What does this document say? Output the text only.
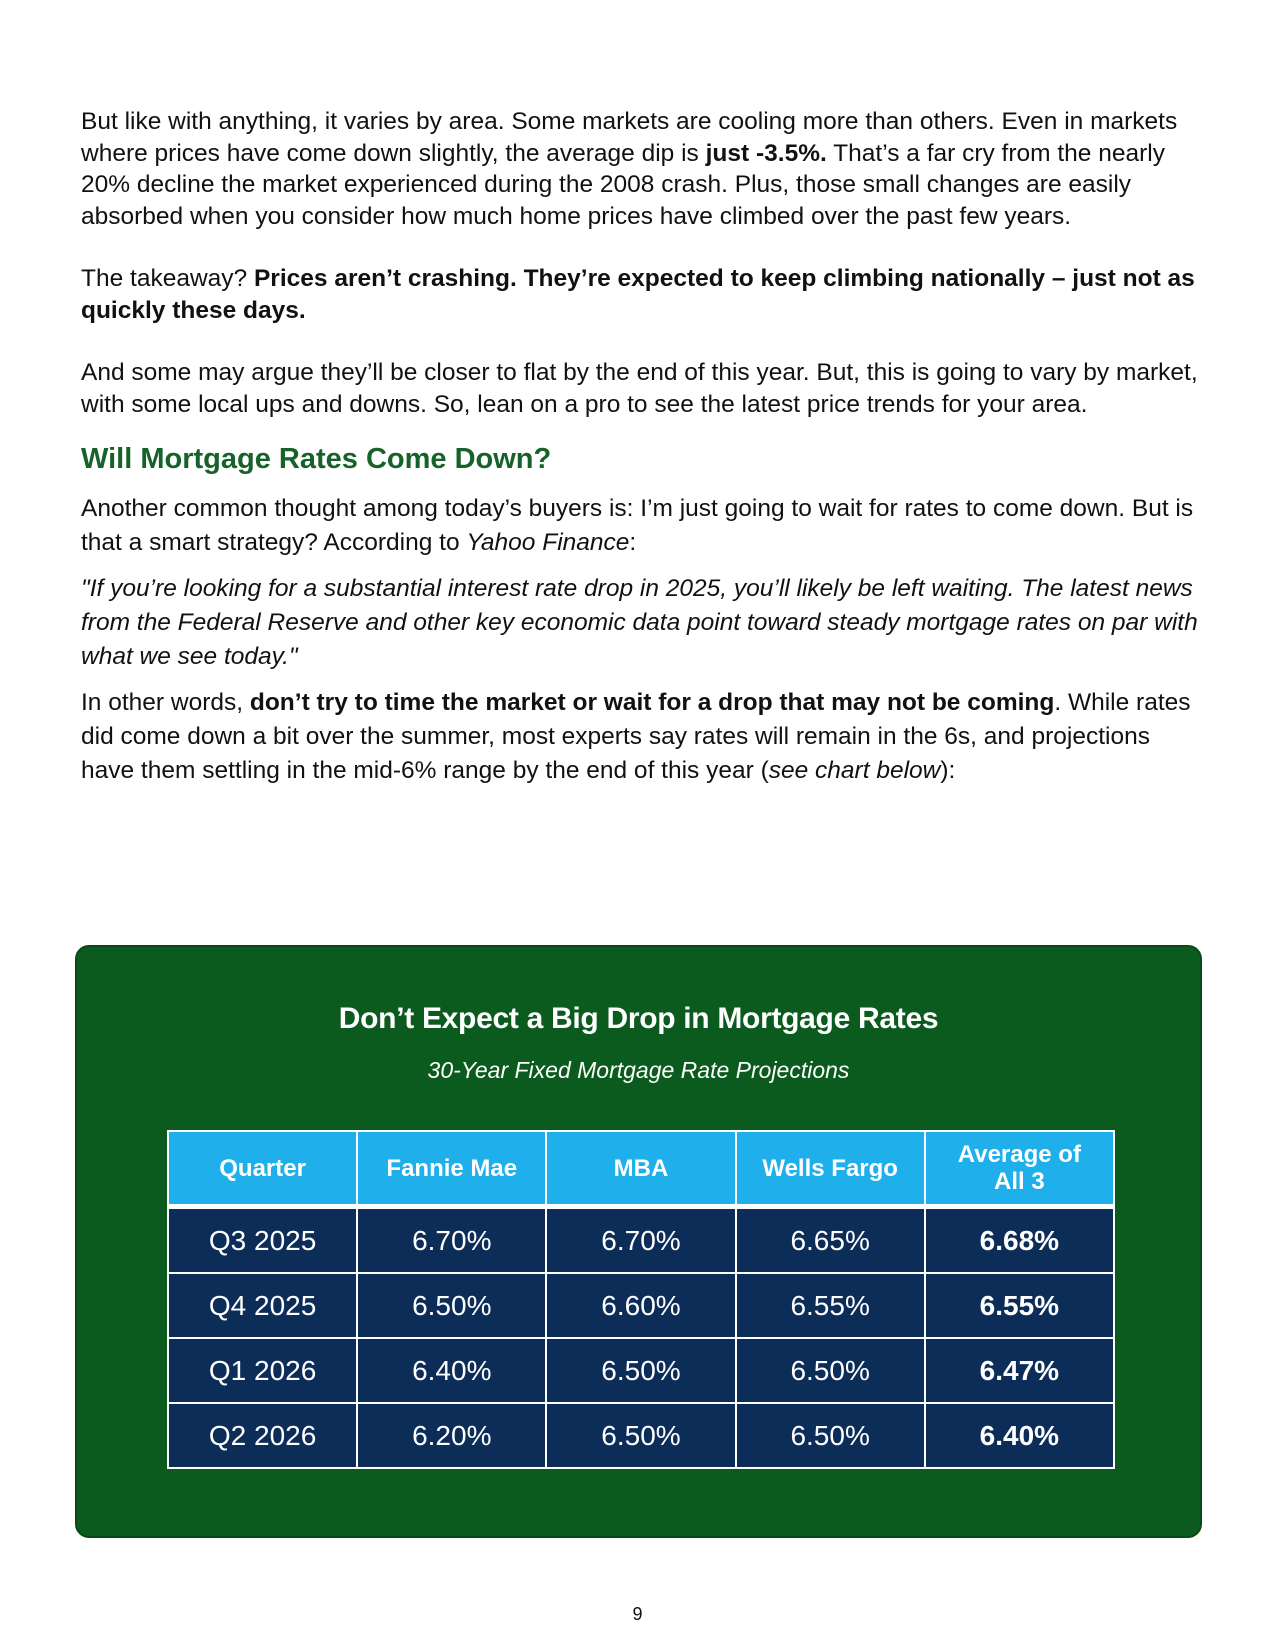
But like with anything, it varies by area. Some markets are cooling more than others. Even in markets where prices have come down slightly, the average dip is just -3.5%. That’s a far cry from the nearly 20% decline the market experienced during the 2008 crash. Plus, those small changes are easily absorbed when you consider how much home prices have climbed over the past few years.

The takeaway? Prices aren’t crashing. They’re expected to keep climbing nationally – just not as quickly these days.

And some may argue they’ll be closer to flat by the end of this year. But, this is going to vary by market, with some local ups and downs. So, lean on a pro to see the latest price trends for your area.

Will Mortgage Rates Come Down?

Another common thought among today’s buyers is: I’m just going to wait for rates to come down. But is that a smart strategy? According to Yahoo Finance:

"If you’re looking for a substantial interest rate drop in 2025, you’ll likely be left waiting. The latest news from the Federal Reserve and other key economic data point toward steady mortgage rates on par with what we see today."

In other words, don’t try to time the market or wait for a drop that may not be coming. While rates did come down a bit over the summer, most experts say rates will remain in the 6s, and projections have them settling in the mid-6% range by the end of this year (see chart below):

Don’t Expect a Big Drop in Mortgage Rates
30-Year Fixed Mortgage Rate Projections
Quarter	Fannie Mae	MBA	Wells Fargo	Average of All 3
Q3 2025	6.70%	6.70%	6.65%	6.68%
Q4 2025	6.50%	6.60%	6.55%	6.55%
Q1 2026	6.40%	6.50%	6.50%	6.47%
Q2 2026	6.20%	6.50%	6.50%	6.40%
9
